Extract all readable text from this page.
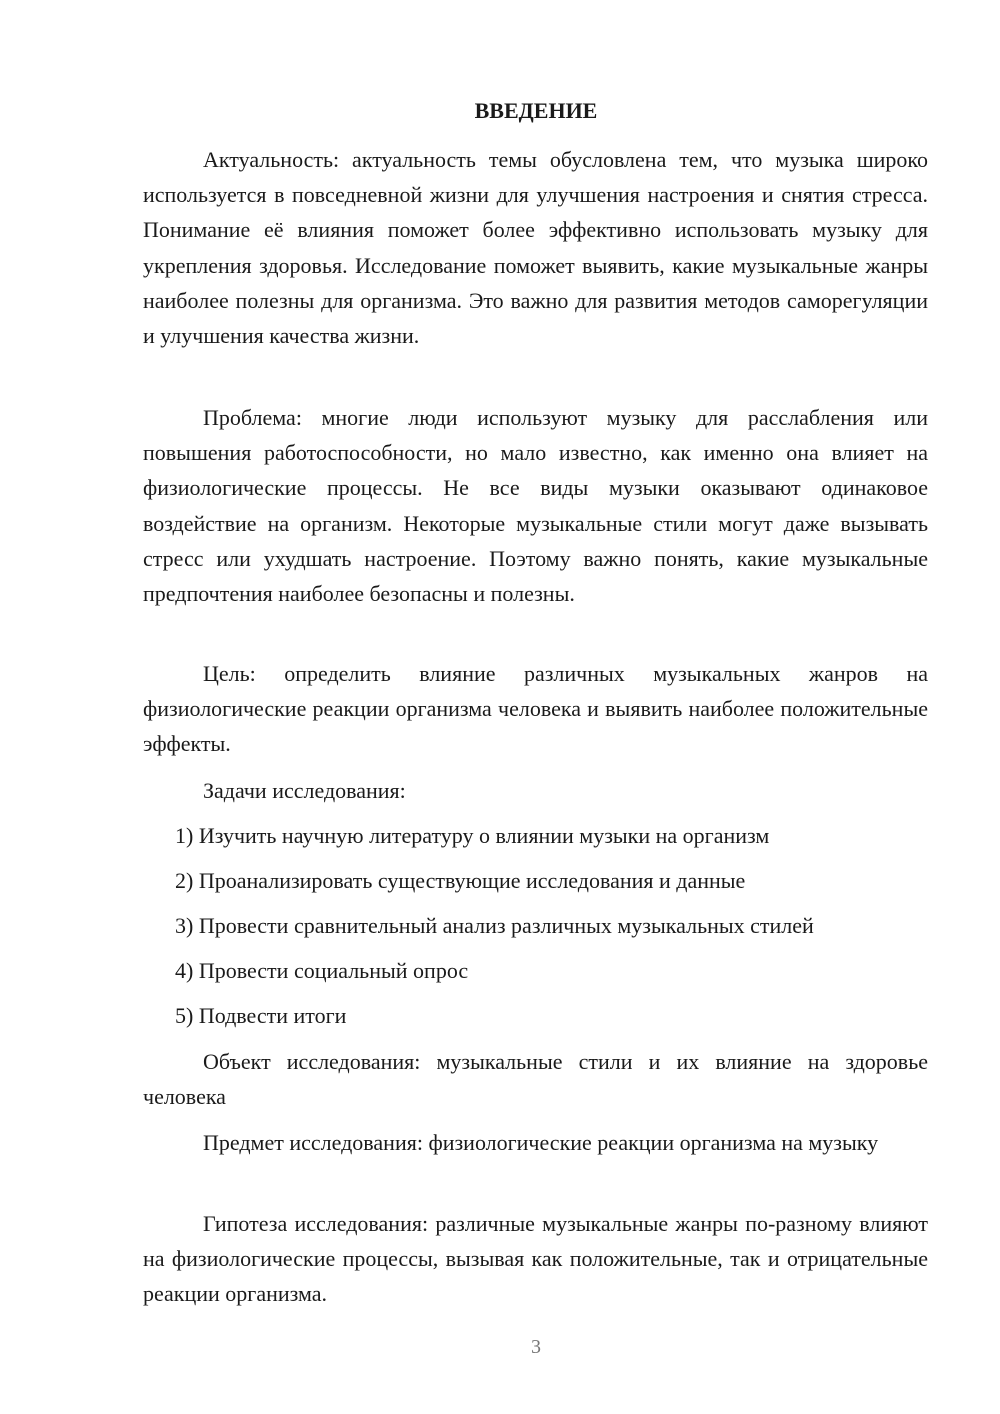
ВВЕДЕНИЕ

Актуальность: актуальность темы обусловлена тем, что музыка широко используется в повседневной жизни для улучшения настроения и снятия стресса. Понимание её влияния поможет более эффективно использовать музыку для укрепления здоровья. Исследование поможет выявить, какие музыкальные жанры наиболее полезны для организма. Это важно для развития методов саморегуляции и улучшения качества жизни.

Проблема: многие люди используют музыку для расслабления или повышения работоспособности, но мало известно, как именно она влияет на физиологические процессы. Не все виды музыки оказывают одинаковое воздействие на организм. Некоторые музыкальные стили могут даже вызывать стресс или ухудшать настроение. Поэтому важно понять, какие музыкальные предпочтения наиболее безопасны и полезны.

Цель: определить влияние различных музыкальных жанров на физиологические реакции организма человека и выявить наиболее положительные эффекты.

Задачи исследования:

1) Изучить научную литературу о влиянии музыки на организм

2) Проанализировать существующие исследования и данные

3) Провести сравнительный анализ различных музыкальных стилей

4) Провести социальный опрос

5) Подвести итоги

Объект исследования: музыкальные стили и их влияние на здоровье человека

Предмет исследования: физиологические реакции организма на музыку

Гипотеза исследования: различные музыкальные жанры по-разному влияют на физиологические процессы, вызывая как положительные, так и отрицательные реакции организма.

3
